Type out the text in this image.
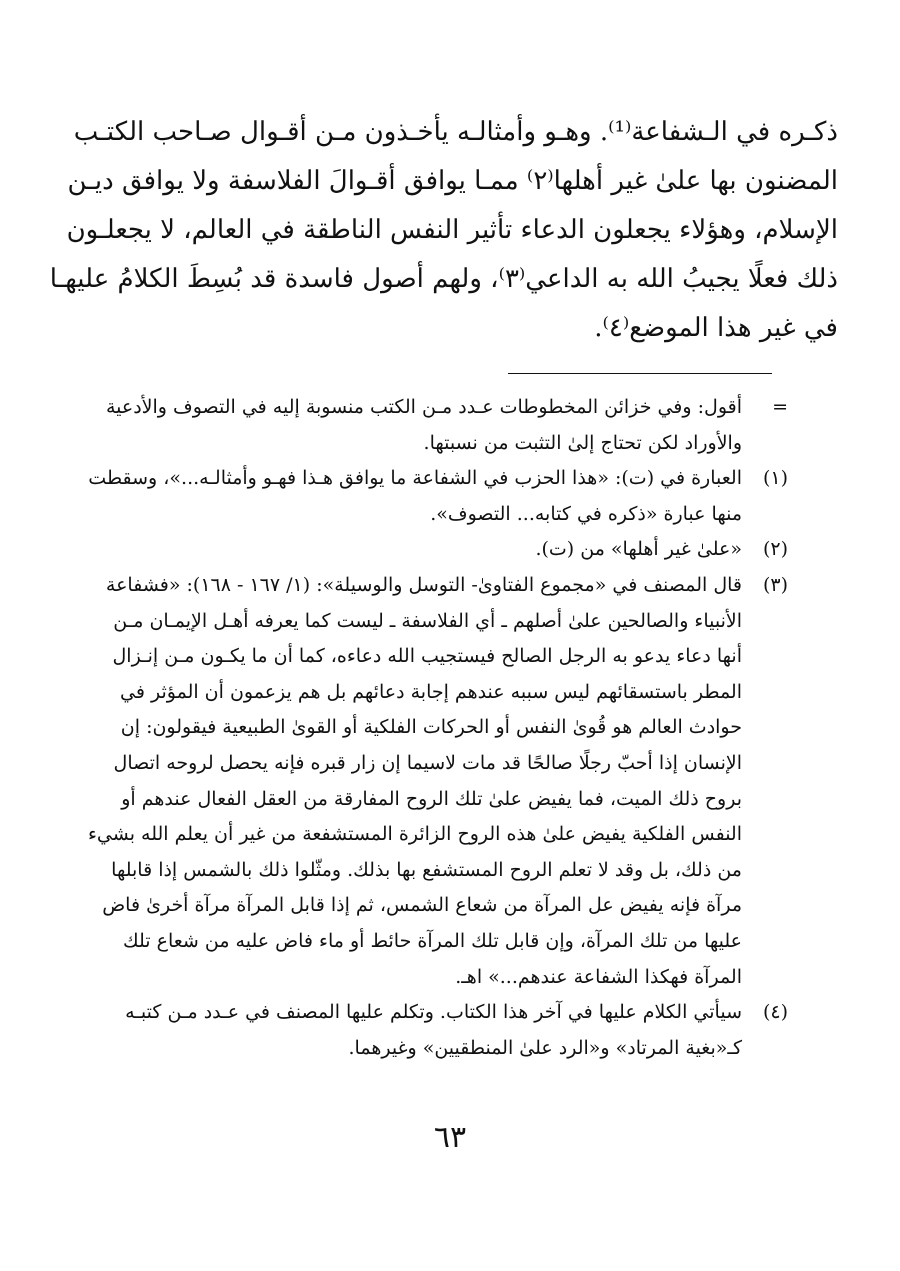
ذكـره في الـشفاعة⁽¹⁾. وهـو وأمثالـه يأخـذون مـن أقـوال صـاحب الكتـب
المضنون بها علىٰ غير أهلها⁽٢⁾ ممـا يوافق أقـوالَ الفلاسفة ولا يوافق ديـن
الإسلام، وهؤلاء يجعلون الدعاء تأثير النفس الناطقة في العالم، لا يجعلـون
ذلك فعلًا يجيبُ الله به الداعي⁽٣⁾، ولهم أصول فاسدة قد بُسِطَ الكلامُ عليهـا
في غير هذا الموضع⁽٤⁾.
=
أقول: وفي خزائن المخطوطات عـدد مـن الكتب منسوبة إليه في التصوف والأدعية
والأوراد لكن تحتاج إلىٰ التثبت من نسبتها.
(١)
العبارة في (ت): «هذا الحزب في الشفاعة ما يوافق هـذا فهـو وأمثالـه...»، وسقطت
منها عبارة «ذكره في كتابه... التصوف».
(٢)
«علىٰ غير أهلها» من (ت).
(٣)
قال المصنف في «مجموع الفتاوىٰ- التوسل والوسيلة»: (١/ ١٦٧ - ١٦٨): «فشفاعة
الأنبياء والصالحين علىٰ أصلهم ـ أي الفلاسفة ـ ليست كما يعرفه أهـل الإيمـان مـن
أنها دعاء يدعو به الرجل الصالح فيستجيب الله دعاءه، كما أن ما يكـون مـن إنـزال
المطر باستسقائهم ليس سببه عندهم إجابة دعائهم بل هم يزعمون أن المؤثر في
حوادث العالم هو قُوىٰ النفس أو الحركات الفلكية أو القوىٰ الطبيعية فيقولون: إن
الإنسان إذا أحبّ رجلًا صالحًا قد مات لاسيما إن زار قبره فإنه يحصل لروحه اتصال
بروح ذلك الميت، فما يفيض علىٰ تلك الروح المفارقة من العقل الفعال عندهم أو
النفس الفلكية يفيض علىٰ هذه الروح الزائرة المستشفعة من غير أن يعلم الله بشيء
من ذلك، بل وقد لا تعلم الروح المستشفع بها بذلك. ومثّلوا ذلك بالشمس إذا قابلها
مرآة فإنه يفيض عل المرآة من شعاع الشمس، ثم إذا قابل المرآة مرآة أخرىٰ فاض
عليها من تلك المرآة، وإن قابل تلك المرآة حائط أو ماء فاض عليه من شعاع تلك
المرآة فهكذا الشفاعة عندهم...» اهـ.
(٤)
سيأتي الكلام عليها في آخر هذا الكتاب. وتكلم عليها المصنف في عـدد مـن كتبـه
كـ«بغية المرتاد» و«الرد علىٰ المنطقيين» وغيرهما.
٦٣
